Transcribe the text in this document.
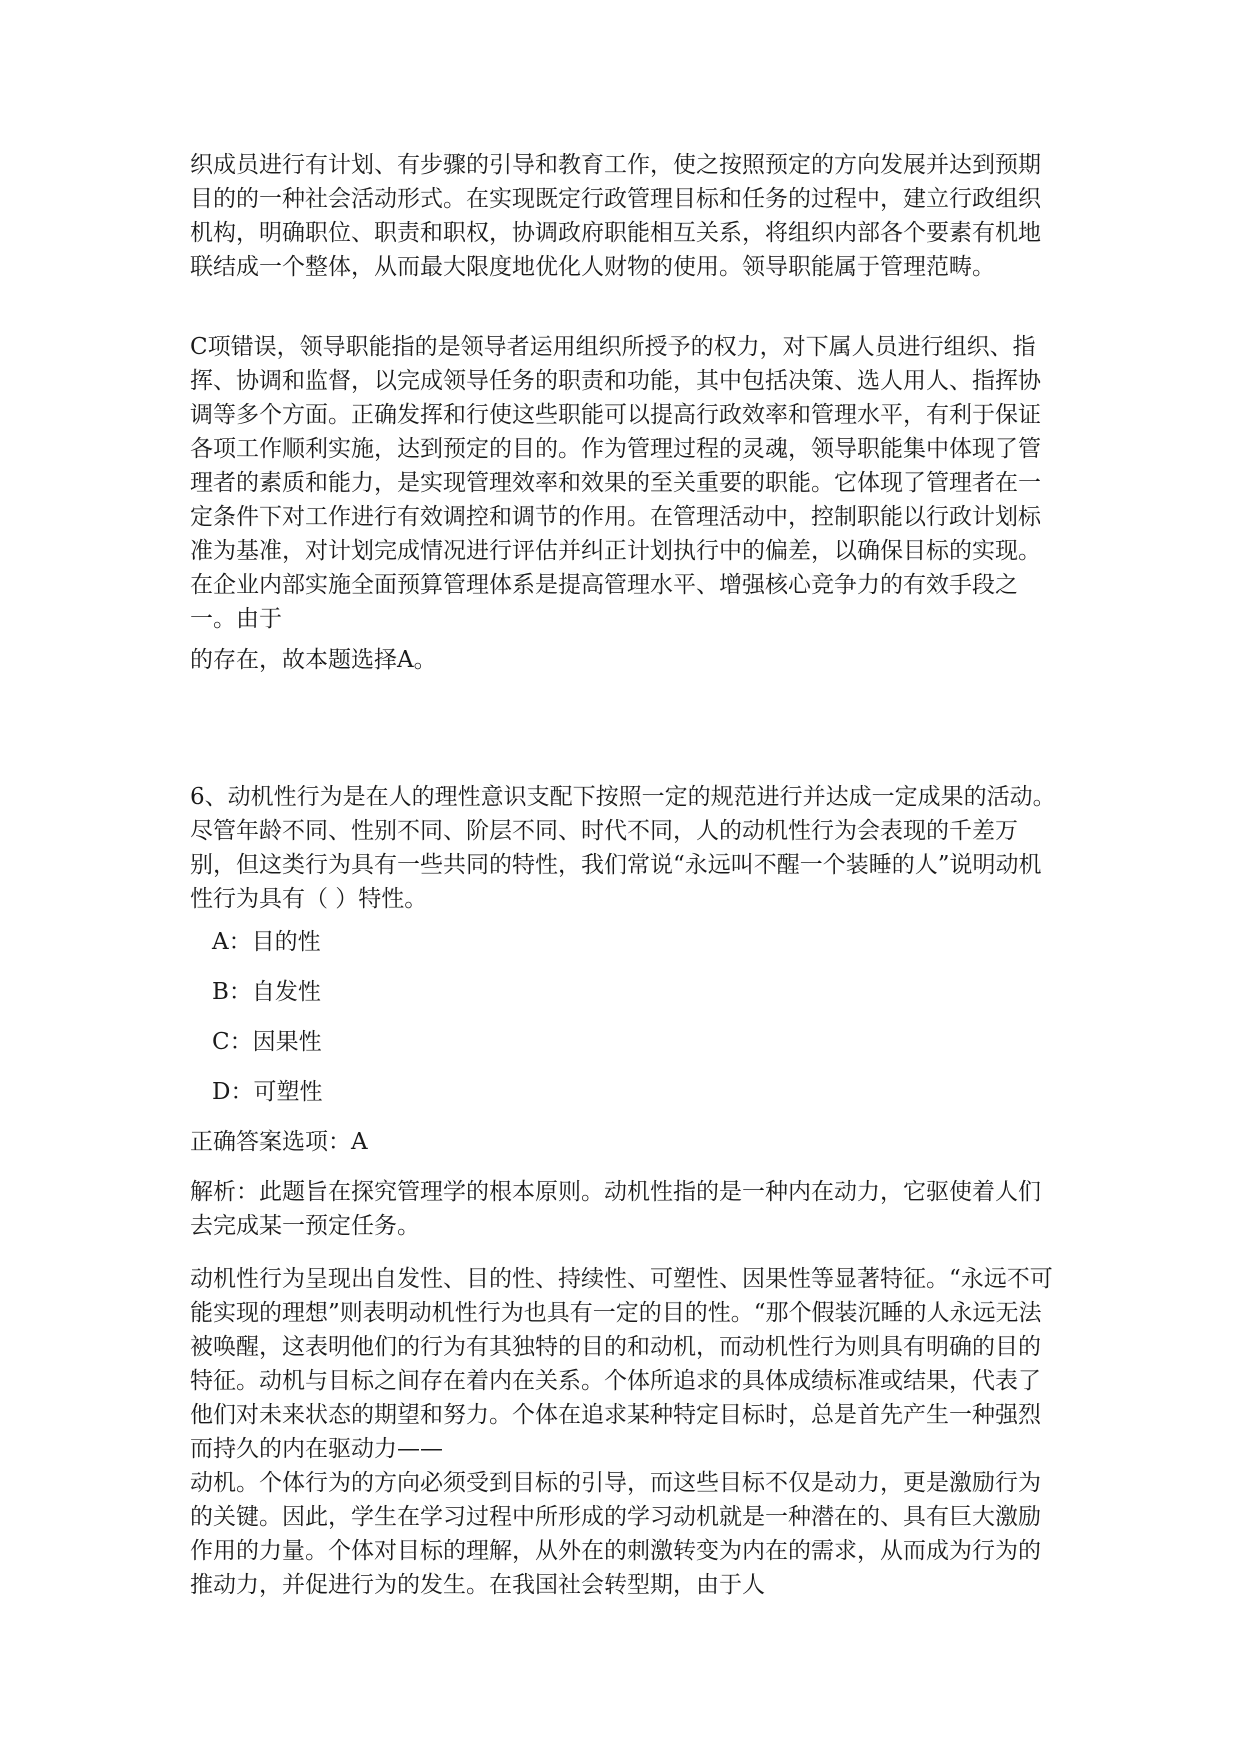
织成员进行有计划、有步骤的引导和教育工作，使之按照预定的方向发展并达到预期目的的一种社会活动形式。在实现既定行政管理目标和任务的过程中，建立行政组织机构，明确职位、职责和职权，协调政府职能相互关系，将组织内部各个要素有机地联结成一个整体，从而最大限度地优化人财物的使用。领导职能属于管理范畴。

C项错误，领导职能指的是领导者运用组织所授予的权力，对下属人员进行组织、指挥、协调和监督，以完成领导任务的职责和功能，其中包括决策、选人用人、指挥协调等多个方面。正确发挥和行使这些职能可以提高行政效率和管理水平，有利于保证各项工作顺利实施，达到预定的目的。作为管理过程的灵魂，领导职能集中体现了管理者的素质和能力，是实现管理效率和效果的至关重要的职能。它体现了管理者在一定条件下对工作进行有效调控和调节的作用。在管理活动中，控制职能以行政计划标准为基准，对计划完成情况进行评估并纠正计划执行中的偏差，以确保目标的实现。在企业内部实施全面预算管理体系是提高管理水平、增强核心竞争力的有效手段之一。由于

的存在，故本题选择A。

6、动机性行为是在人的理性意识支配下按照一定的规范进行并达成一定成果的活动。尽管年龄不同、性别不同、阶层不同、时代不同，人的动机性行为会表现的千差万别，但这类行为具有一些共同的特性，我们常说“永远叫不醒一个装睡的人”说明动机性行为具有（ ）特性。

A：目的性

B：自发性

C：因果性

D：可塑性

正确答案选项：A

解析：此题旨在探究管理学的根本原则。动机性指的是一种内在动力，它驱使着人们去完成某一预定任务。

动机性行为呈现出自发性、目的性、持续性、可塑性、因果性等显著特征。“永远不可能实现的理想”则表明动机性行为也具有一定的目的性。“那个假装沉睡的人永远无法被唤醒，这表明他们的行为有其独特的目的和动机，而动机性行为则具有明确的目的特征。动机与目标之间存在着内在关系。个体所追求的具体成绩标准或结果，代表了他们对未来状态的期望和努力。个体在追求某种特定目标时，总是首先产生一种强烈而持久的内在驱动力——

动机。个体行为的方向必须受到目标的引导，而这些目标不仅是动力，更是激励行为的关键。因此，学生在学习过程中所形成的学习动机就是一种潜在的、具有巨大激励作用的力量。个体对目标的理解，从外在的刺激转变为内在的需求，从而成为行为的推动力，并促进行为的发生。在我国社会转型期，由于人
